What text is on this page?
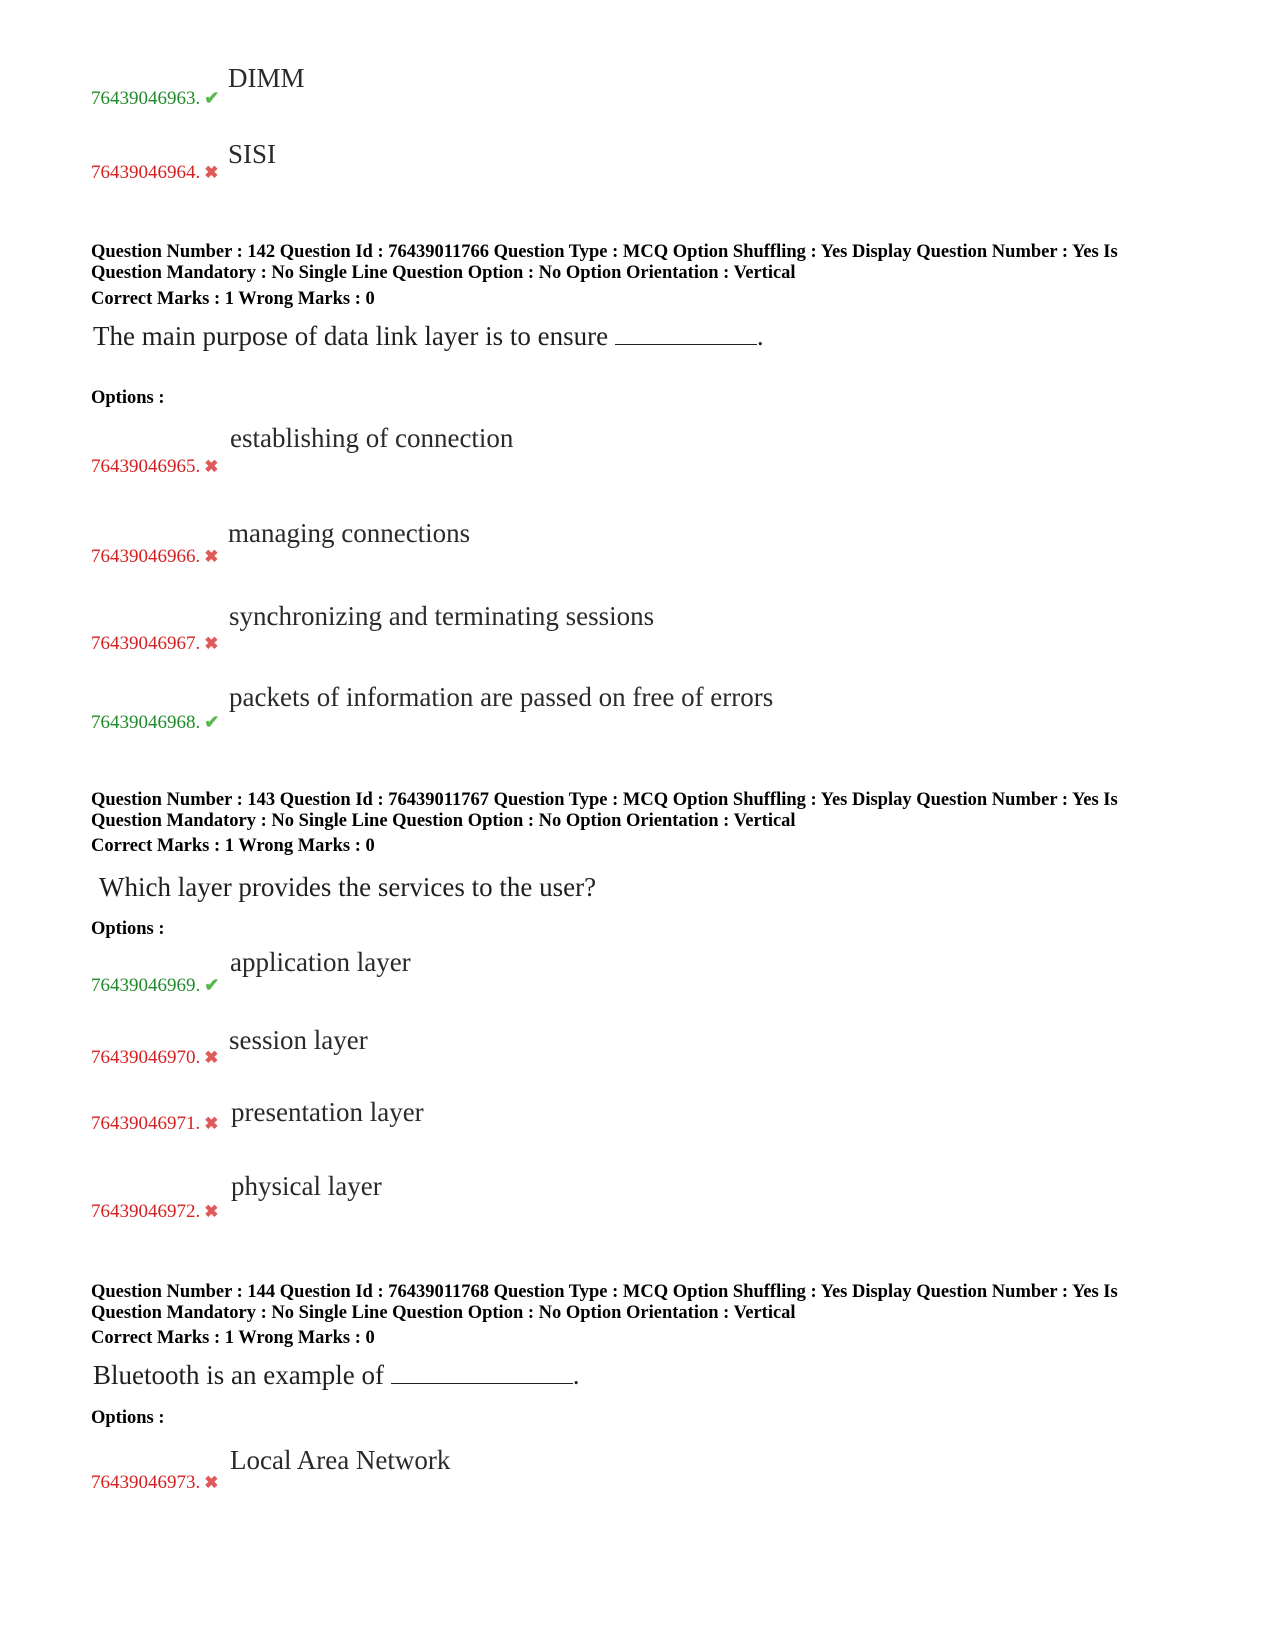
DIMM
76439046963. ✔
SISI
76439046964. ✖
Question Number : 142 Question Id : 76439011766 Question Type : MCQ Option Shuffling : Yes Display Question Number : Yes Is
Question Mandatory : No Single Line Question Option : No Option Orientation : Vertical
Correct Marks : 1 Wrong Marks : 0
The main purpose of data link layer is to ensure	.
Options :
establishing of connection
76439046965. ✖
managing connections
76439046966. ✖
synchronizing and terminating sessions
76439046967. ✖
packets of information are passed on free of errors
76439046968. ✔
Question Number : 143 Question Id : 76439011767 Question Type : MCQ Option Shuffling : Yes Display Question Number : Yes Is
Question Mandatory : No Single Line Question Option : No Option Orientation : Vertical
Correct Marks : 1 Wrong Marks : 0
Which layer provides the services to the user?
Options :
application layer
76439046969. ✔
session layer
76439046970. ✖
presentation layer
76439046971. ✖
physical layer
76439046972. ✖
Question Number : 144 Question Id : 76439011768 Question Type : MCQ Option Shuffling : Yes Display Question Number : Yes Is
Question Mandatory : No Single Line Question Option : No Option Orientation : Vertical
Correct Marks : 1 Wrong Marks : 0
Bluetooth is an example of	.
Options :
Local Area Network
76439046973. ✖
